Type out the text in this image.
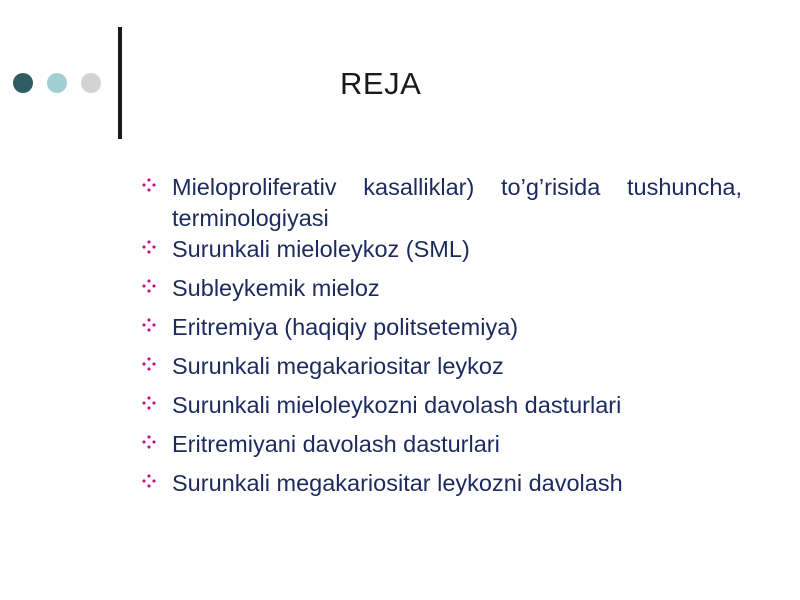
REJA
Mieloproliferativ kasalliklar) to’g’risida tushuncha, terminologiyasi
Surunkali mieloleykoz (SML)
Subleykemik mieloz
Eritremiya (haqiqiy politsetemiya)
Surunkali megakariositar leykoz
Surunkali mieloleykozni davolash dasturlari
Eritremiyani davolash dasturlari
Surunkali megakariositar leykozni davolash
